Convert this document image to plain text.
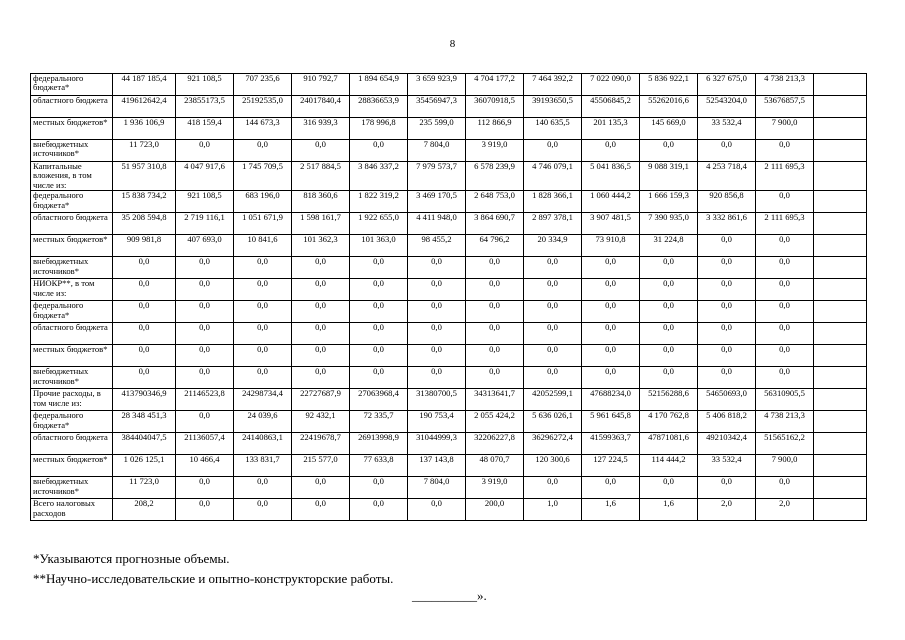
8
федерального бюджета*	44 187 185,4	921 108,5	707 235,6	910 792,7	1 894 654,9	3 659 923,9	4 704 177,2	7 464 392,2	7 022 090,0	5 836 922,1	6 327 675,0	4 738 213,3	
областного бюджета	419612642,4	23855173,5	25192535,0	24017840,4	28836653,9	35456947,3	36070918,5	39193650,5	45506845,2	55262016,6	52543204,0	53676857,5	
местных бюджетов*	1 936 106,9	418 159,4	144 673,3	316 939,3	178 996,8	235 599,0	112 866,9	140 635,5	201 135,3	145 669,0	33 532,4	7 900,0	
внебюджетных источников*	11 723,0	0,0	0,0	0,0	0,0	7 804,0	3 919,0	0,0	0,0	0,0	0,0	0,0	
Капитальные вложения, в том числе из:	51 957 310,8	4 047 917,6	1 745 709,5	2 517 884,5	3 846 337,2	7 979 573,7	6 578 239,9	4 746 079,1	5 041 836,5	9 088 319,1	4 253 718,4	2 111 695,3	
федерального бюджета*	15 838 734,2	921 108,5	683 196,0	818 360,6	1 822 319,2	3 469 170,5	2 648 753,0	1 828 366,1	1 060 444,2	1 666 159,3	920 856,8	0,0	
областного бюджета	35 208 594,8	2 719 116,1	1 051 671,9	1 598 161,7	1 922 655,0	4 411 948,0	3 864 690,7	2 897 378,1	3 907 481,5	7 390 935,0	3 332 861,6	2 111 695,3	
местных бюджетов*	909 981,8	407 693,0	10 841,6	101 362,3	101 363,0	98 455,2	64 796,2	20 334,9	73 910,8	31 224,8	0,0	0,0	
внебюджетных источников*	0,0	0,0	0,0	0,0	0,0	0,0	0,0	0,0	0,0	0,0	0,0	0,0	
НИОКР**, в том числе из:	0,0	0,0	0,0	0,0	0,0	0,0	0,0	0,0	0,0	0,0	0,0	0,0	
федерального бюджета*	0,0	0,0	0,0	0,0	0,0	0,0	0,0	0,0	0,0	0,0	0,0	0,0	
областного бюджета	0,0	0,0	0,0	0,0	0,0	0,0	0,0	0,0	0,0	0,0	0,0	0,0	
местных бюджетов*	0,0	0,0	0,0	0,0	0,0	0,0	0,0	0,0	0,0	0,0	0,0	0,0	
внебюджетных источников*	0,0	0,0	0,0	0,0	0,0	0,0	0,0	0,0	0,0	0,0	0,0	0,0	
Прочие расходы, в том числе из:	413790346,9	21146523,8	24298734,4	22727687,9	27063968,4	31380700,5	34313641,7	42052599,1	47688234,0	52156288,6	54650693,0	56310905,5	
федерального бюджета*	28 348 451,3	0,0	24 039,6	92 432,1	72 335,7	190 753,4	2 055 424,2	5 636 026,1	5 961 645,8	4 170 762,8	5 406 818,2	4 738 213,3	
областного бюджета	384404047,5	21136057,4	24140863,1	22419678,7	26913998,9	31044999,3	32206227,8	36296272,4	41599363,7	47871081,6	49210342,4	51565162,2	
местных бюджетов*	1 026 125,1	10 466,4	133 831,7	215 577,0	77 633,8	137 143,8	48 070,7	120 300,6	127 224,5	114 444,2	33 532,4	7 900,0	
внебюджетных источников*	11 723,0	0,0	0,0	0,0	0,0	7 804,0	3 919,0	0,0	0,0	0,0	0,0	0,0	
Всего налоговых расходов	208,2	0,0	0,0	0,0	0,0	0,0	200,0	1,0	1,6	1,6	2,0	2,0	
*Указываются прогнозные объемы.
**Научно-исследовательские и опытно-конструкторские работы.
__________».
